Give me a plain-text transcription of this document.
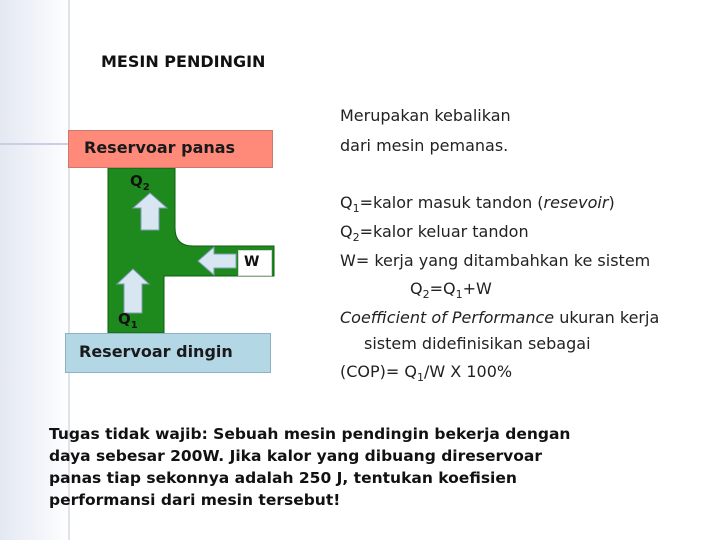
MESIN PENDINGIN
Reservoar panas
Reservoar dingin
$Q_2$
$Q_1$
W
Merupakan kebalikan
dari mesin pemanas.
$Q_1=kalor$ masuk tandon (resevoir)
$Q_2=kalor$ keluar tandon
W= kerja yang ditambahkan ke sistem
$Q_2=Q_1+W$
Coefficient of Performance ukuran kerja
sistem didefinisikan sebagai
$(COP)= Q_1/W$ X 100%
Tugas tidak wajib: Sebuah mesin pendingin bekerja dengan
daya sebesar 200W. Jika kalor yang dibuang direservoar
panas tiap sekonnya adalah 250 J, tentukan koefisien
performansi dari mesin tersebut!
